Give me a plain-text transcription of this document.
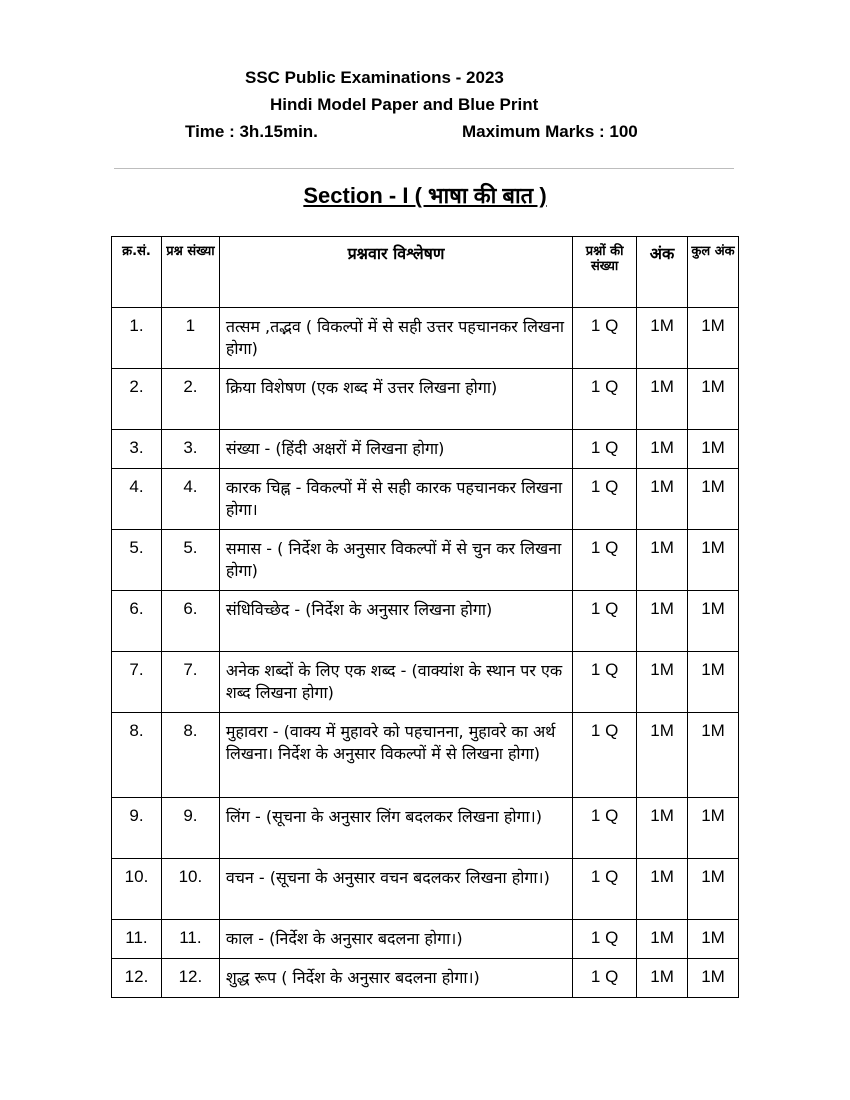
SSC Public Examinations - 2023
Hindi Model Paper and Blue Print
Time : 3h.15min.	Maximum Marks : 100
Section - I ( भाषा की बात )
क्र.सं.	प्रश्न संख्या	प्रश्नवार विश्लेषण	प्रश्नों की संख्या	अंक	कुल अंक
1.	1	तत्सम ,तद्भव ( विकल्पों में से सही उत्तर पहचानकर लिखना होगा)	1 Q	1M	1M
2.	2.	क्रिया विशेषण (एक शब्द में उत्तर लिखना होगा)	1 Q	1M	1M
3.	3.	संख्या - (हिंदी अक्षरों में लिखना होगा)	1 Q	1M	1M
4.	4.	कारक चिह्न - विकल्पों में से सही कारक पहचानकर लिखना होगा।	1 Q	1M	1M
5.	5.	समास - ( निर्देश के अनुसार विकल्पों में से चुन कर लिखना होगा)	1 Q	1M	1M
6.	6.	संधिविच्छेद - (निर्देश के अनुसार लिखना होगा)	1 Q	1M	1M
7.	7.	अनेक शब्दों के लिए एक शब्द - (वाक्यांश के स्थान पर एक शब्द लिखना होगा)	1 Q	1M	1M
8.	8.	मुहावरा - (वाक्य में मुहावरे को पहचानना, मुहावरे का अर्थ लिखना। निर्देश के अनुसार विकल्पों में से लिखना होगा)	1 Q	1M	1M
9.	9.	लिंग - (सूचना के अनुसार लिंग बदलकर लिखना होगा।)	1 Q	1M	1M
10.	10.	वचन - (सूचना के अनुसार वचन बदलकर लिखना होगा।)	1 Q	1M	1M
11.	11.	काल - (निर्देश के अनुसार बदलना होगा।)	1 Q	1M	1M
12.	12.	शुद्ध रूप ( निर्देश के अनुसार बदलना होगा।)	1 Q	1M	1M
